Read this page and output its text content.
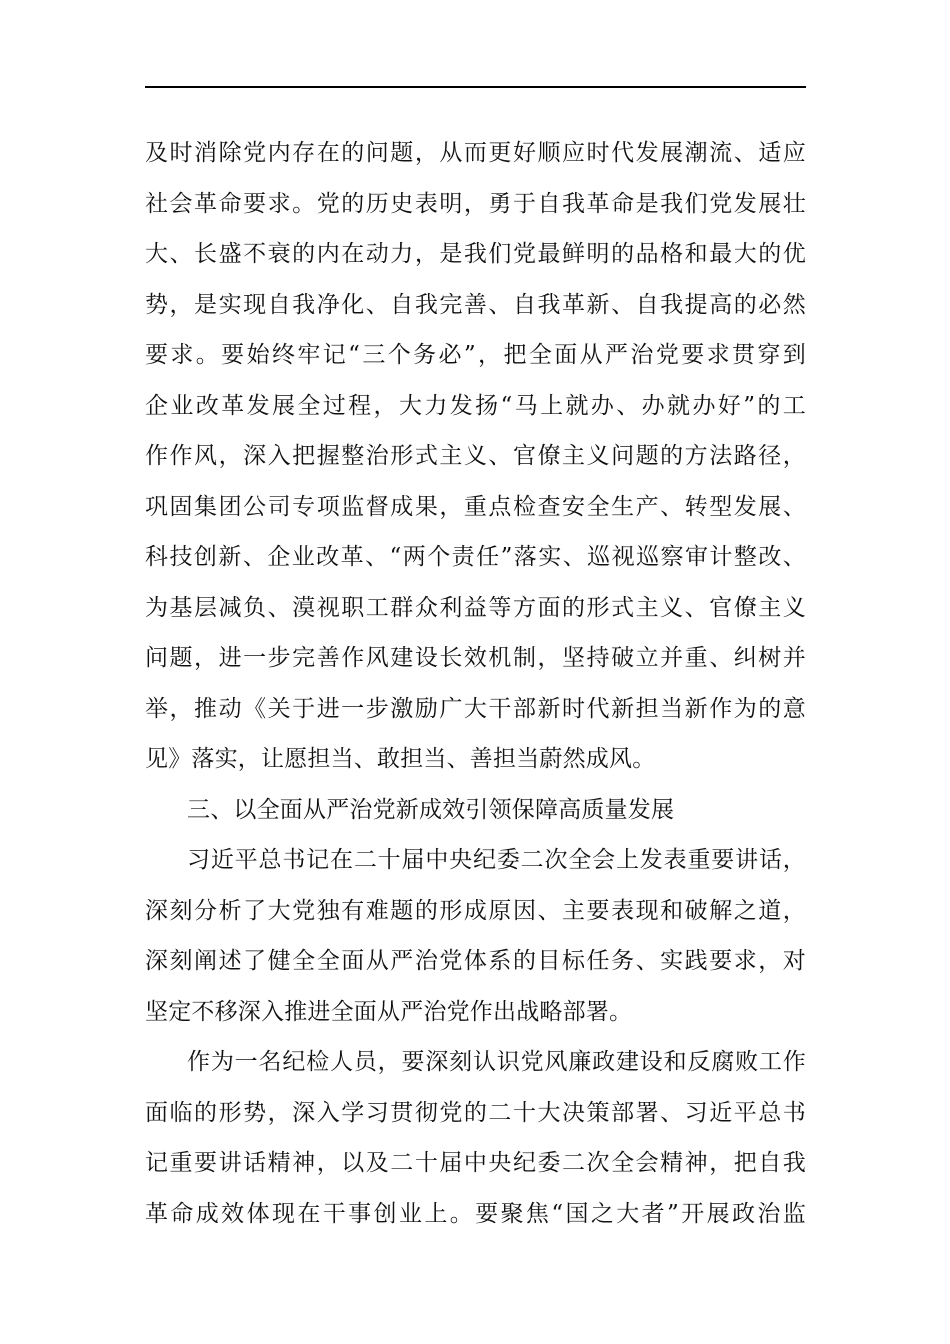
及时消除党内存在的问题，从而更好顺应时代发展潮流、适应
社会革命要求。党的历史表明，勇于自我革命是我们党发展壮
大、长盛不衰的内在动力，是我们党最鲜明的品格和最大的优
势，是实现自我净化、自我完善、自我革新、自我提高的必然
要求。要始终牢记“三个务必”，把全面从严治党要求贯穿到
企业改革发展全过程，大力发扬“马上就办、办就办好”的工
作作风，深入把握整治形式主义、官僚主义问题的方法路径，
巩固集团公司专项监督成果，重点检查安全生产、转型发展、
科技创新、企业改革、“两个责任”落实、巡视巡察审计整改、
为基层减负、漠视职工群众利益等方面的形式主义、官僚主义
问题，进一步完善作风建设长效机制，坚持破立并重、纠树并
举，推动《关于进一步激励广大干部新时代新担当新作为的意
见》落实，让愿担当、敢担当、善担当蔚然成风。
三、以全面从严治党新成效引领保障高质量发展
习近平总书记在二十届中央纪委二次全会上发表重要讲话，
深刻分析了大党独有难题的形成原因、主要表现和破解之道，
深刻阐述了健全全面从严治党体系的目标任务、实践要求，对
坚定不移深入推进全面从严治党作出战略部署。
作为一名纪检人员，要深刻认识党风廉政建设和反腐败工作
面临的形势，深入学习贯彻党的二十大决策部署、习近平总书
记重要讲话精神，以及二十届中央纪委二次全会精神，把自我
革命成效体现在干事创业上。要聚焦“国之大者”开展政治监
